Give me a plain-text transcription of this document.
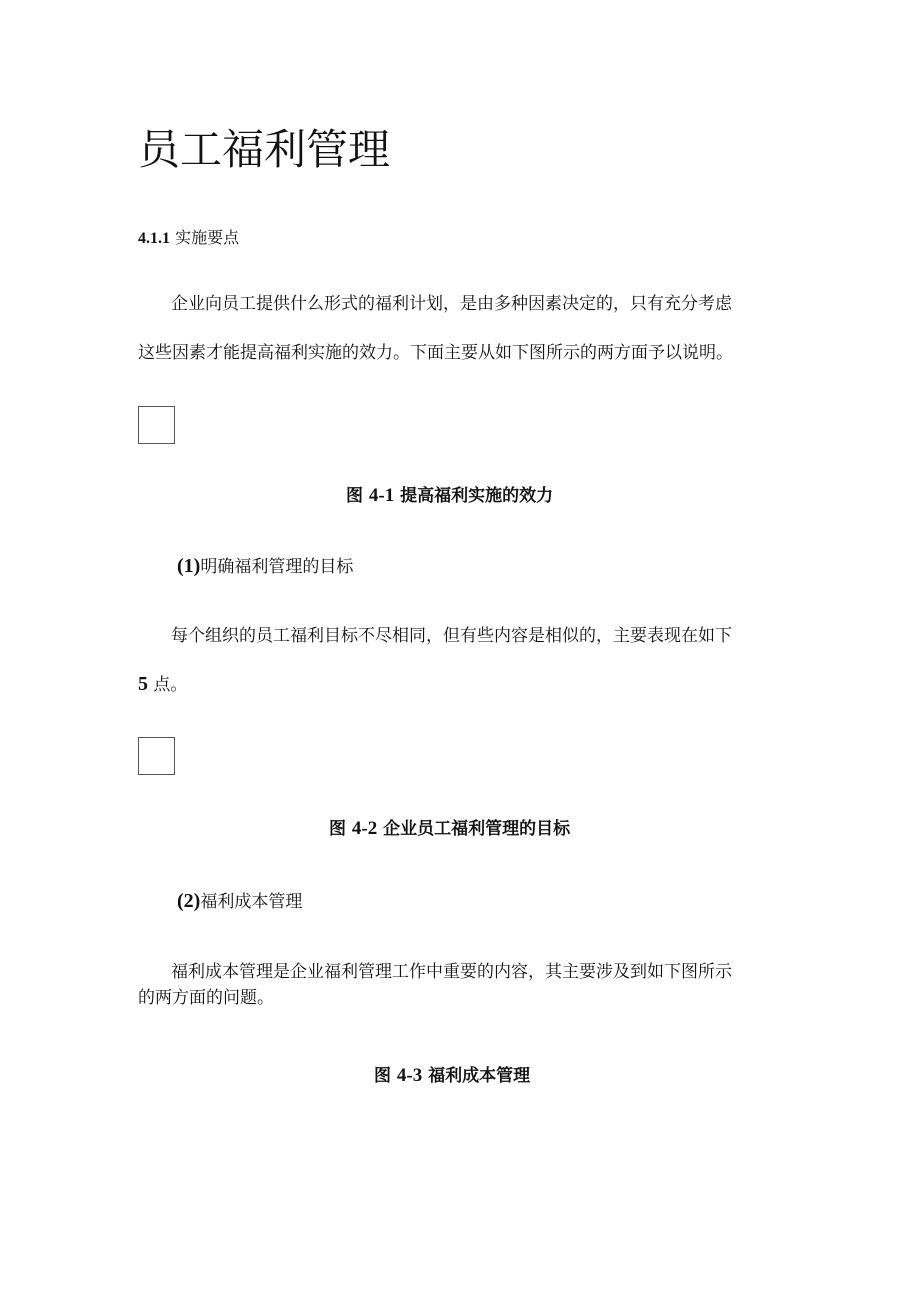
员工福利管理
4.1.1 实施要点
企业向员工提供什么形式的福利计划，是由多种因素决定的，只有充分考虑
这些因素才能提高福利实施的效力。下面主要从如下图所示的两方面予以说明。
图 4-1 提高福利实施的效力
(1)明确福利管理的目标
每个组织的员工福利目标不尽相同，但有些内容是相似的，主要表现在如下
5 点。
图 4-2 企业员工福利管理的目标
(2)福利成本管理
福利成本管理是企业福利管理工作中重要的内容，其主要涉及到如下图所示
的两方面的问题。
图 4-3 福利成本管理
